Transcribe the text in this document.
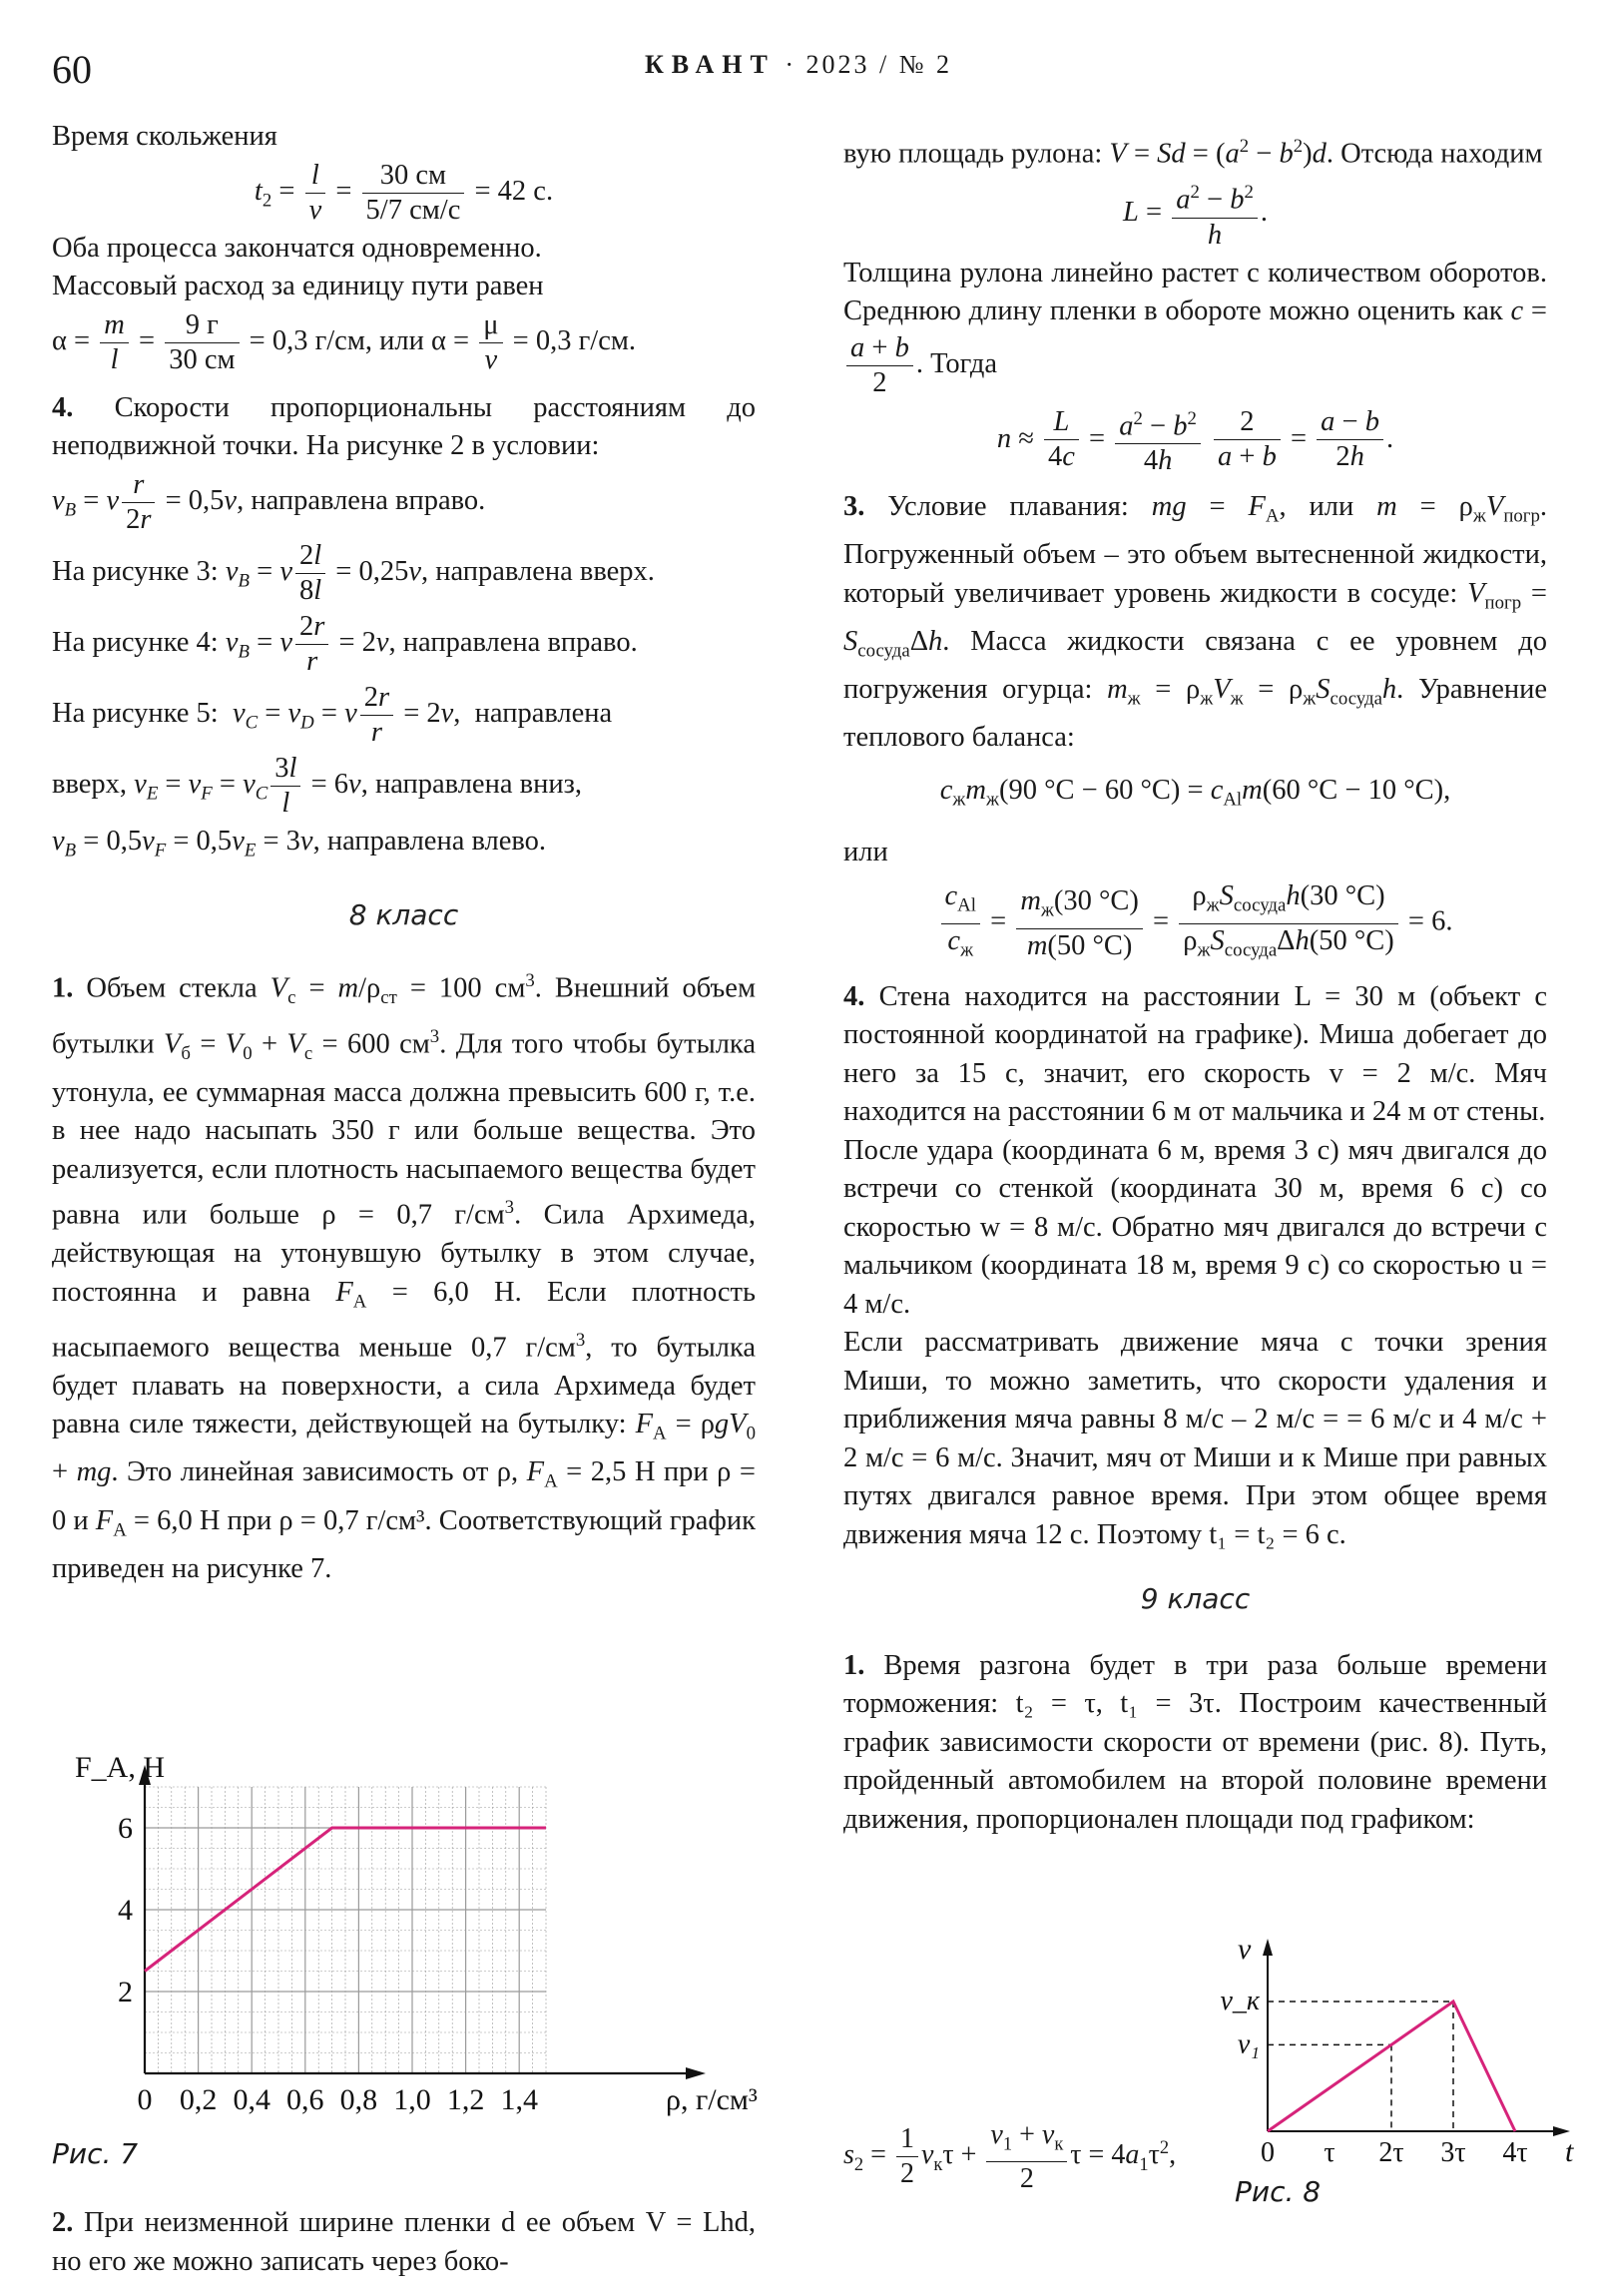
60	КВАНТ · 2023 / № 2

Время скольжения

$t_2 = \frac{l}{v} = \frac{30 см}{5/7 см/с} = 42$ с.

Оба процесса закончатся одновременно.

Массовый расход за единицу пути равен

$\alpha = \frac{m}{l} = \frac{9 г}{30 см} = 0,3$ г/см, или $\alpha = \frac{\mu}{v} = 0,3$ г/см.

4. Скорости пропорциональны расстояниям до неподвижной точки. На рисунке 2 в условии:

$v_B = v \frac{r}{2r} = 0,5v$, направлена вправо.
На рисунке 3: $v_B = v \frac{2l}{8l} = 0,25v$, направлена вверх.
На рисунке 4: $v_B = v \frac{2r}{r} = 2v$, направлена вправо.
На рисунке 5: $v_C = v_D = v \frac{2r}{r} = 2v$,  направлена
вверх, $v_E = v_F = v_C \frac{3l}{l} = 6v$, направлена вниз,
$v_B = 0,5v_F = 0,5v_E = 3v$, направлена влево.
8 класс

1. Объем стекла $V_с = m/\rho_{ст} = 100$ $см^3$. Внешний объем бутылки $V_б = V_0 + V_с = 600$ $см^3$. Для того чтобы бутылка утонула, ее суммарная масса должна превысить 600 г, т.е. в нее надо насыпать 350 г или больше вещества. Это реализуется, если плотность насыпаемого вещества будет равна или больше ρ = 0,7 $г/см^3$. Сила Архимеда, действующая на утонувшую бутылку в этом случае, постоянна и равна $F_А = 6,0$ Н. Если плотность насыпаемого вещества меньше 0,7 $г/см^3$, то бутылка будет плавать на поверхности, а сила Архимеда будет равна силе тяжести, действующей на бутылку: $F_А = \rho gV_0$ + mg. Это линейная зависимость от ρ, $F_А = 2,5$ Н при ρ = 0 и $F_А = 6,0$ Н при ρ = 0,7 г/см³. Соответствующий график приведен на рисунке 7.

0 0,2 0,4 0,6 0,8 1,0 1,2 1,4
2
4
6
ρ, г/см³
F_A, Н
Рис. 7

2. При неизменной ширине пленки d ее объем V = Lhd, но его же можно записать через боко-

вую площадь рулона: $V = Sd = (a^2 - b^2)d$. Отсюда находим

$L = \frac{a^2 - b^2}{h}$ .

Толщина рулона линейно растет с количеством оборотов. Среднюю длину пленки в обороте можно оценить как c =
$\frac{a + b}{2}$ . Тогда

$n \approx \frac{L}{4c} = \frac{a^2 - b^2}{4h}$
$\frac{2}{a + b} = \frac{a - b}{2h}$ .

3. Условие плавания: mg = $F_А$, или $m = \rho_жV_{погр}$. Погруженный объем – это объем вытесненной жидкости, который увеличивает уровень жидкости в сосуде: $V_{погр} = S_{сосуда}\Delta h$. Масса жидкости связана с ее уровнем до погружения огурца: $m_ж = \rho_жV_ж = \rho_жS_{сосуда}h$. Уравнение теплового баланса:

$c_жm_ж(90$ °C − 60 $^\circ C) = c_{Al}m(60$ °C − 10 °C),

или

$\frac{c_{Al}}{c_ж} = \frac{m_ж(30 ^\circ C)}{m(50 ^\circ C)} = \frac{\rho_жS_{сосуда}h(30 ^\circ C)}{\rho_жS_{сосуда}\Delta h(50 ^\circ C)} = 6$.

4. Стена находится на расстоянии L = 30 м (объект с постоянной координатой на графике). Миша добегает до него за 15 с, значит, его скорость v = 2 м/с. Мяч находится на расстоянии 6 м от мальчика и 24 м от стены.

После удара (координата 6 м, время 3 с) мяч двигался до встречи со стенкой (координата 30 м, время 6 с) со скоростью w = 8 м/с. Обратно мяч двигался до встречи с мальчиком (координата 18 м, время 9 с) со скоростью u = 4 м/с.

Если рассматривать движение мяча с точки зрения Миши, то можно заметить, что скорости удаления и приближения мяча равны 8 м/с – 2 м/с = = 6 м/с и 4 м/с + 2 м/с = 6 м/с. Значит, мяч от Миши и к Мише при равных путях двигался равное время. При этом общее время движения мяча 12 с. Поэтому t₁ = t₂ = 6 с.

9 класс

1. Время разгона будет в три раза больше времени торможения: t₂ = τ, t₁ = 3τ. Построим качественный график зависимости скорости от времени (рис. 8). Путь, пройденный автомобилем на второй половине времени движения, пропорционален площади под графиком:

0 τ 2τ 3τ 4τ
v₁
v_к
v
t
Рис. 8
$s_2 = \frac{1}{2} v_к\tau + \frac{v_1 + v_к}{2}$ $\tau = 4a_1\tau^2$,
